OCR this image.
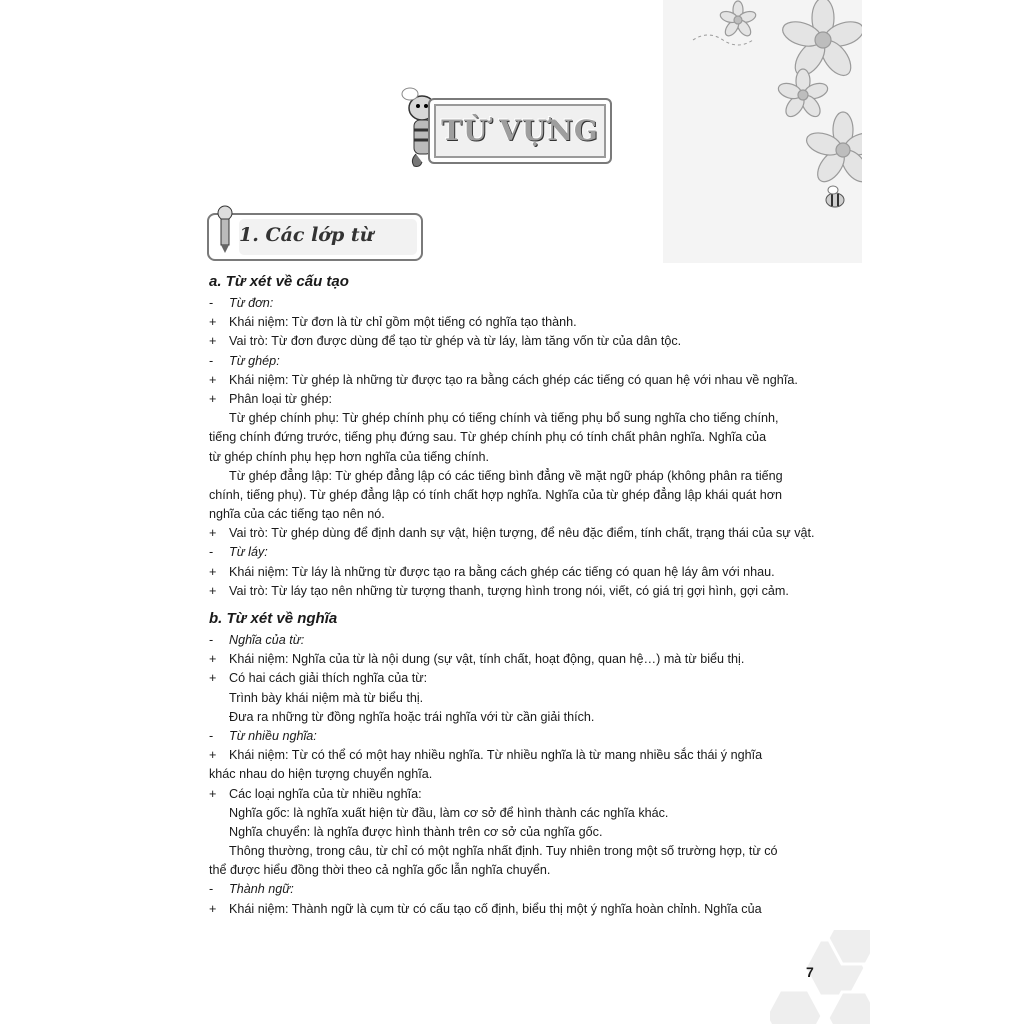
TỪ VỰNG
1. Các lớp từ
a. Từ xét về cấu tạo
-	Từ đơn:
+	Khái niệm: Từ đơn là từ chỉ gồm một tiếng có nghĩa tạo thành.
+	Vai trò: Từ đơn được dùng để tạo từ ghép và từ láy, làm tăng vốn từ của dân tộc.
-	Từ ghép:
+	Khái niệm: Từ ghép là những từ được tạo ra bằng cách ghép các tiếng có quan hệ với nhau về nghĩa.
+	Phân loại từ ghép:
Từ ghép chính phụ: Từ ghép chính phụ có tiếng chính và tiếng phụ bổ sung nghĩa cho tiếng chính,
tiếng chính đứng trước, tiếng phụ đứng sau. Từ ghép chính phụ có tính chất phân nghĩa. Nghĩa của
từ ghép chính phụ hẹp hơn nghĩa của tiếng chính.
Từ ghép đẳng lập: Từ ghép đẳng lập có các tiếng bình đẳng về mặt ngữ pháp (không phân ra tiếng
chính, tiếng phụ). Từ ghép đẳng lập có tính chất hợp nghĩa. Nghĩa của từ ghép đẳng lập khái quát hơn
nghĩa của các tiếng tạo nên nó.
+	Vai trò: Từ ghép dùng để định danh sự vật, hiện tượng, để nêu đặc điểm, tính chất, trạng thái của sự vật.
-	Từ láy:
+	Khái niệm: Từ láy là những từ được tạo ra bằng cách ghép các tiếng có quan hệ láy âm với nhau.
+	Vai trò: Từ láy tạo nên những từ tượng thanh, tượng hình trong nói, viết, có giá trị gợi hình, gợi cảm.
b. Từ xét về nghĩa
-	Nghĩa của từ:
+	Khái niệm: Nghĩa của từ là nội dung (sự vật, tính chất, hoạt động, quan hệ…) mà từ biểu thị.
+	Có hai cách giải thích nghĩa của từ:
Trình bày khái niệm mà từ biểu thị.
Đưa ra những từ đồng nghĩa hoặc trái nghĩa với từ cần giải thích.
-	Từ nhiều nghĩa:
+	Khái niệm: Từ có thể có một hay nhiều nghĩa. Từ nhiều nghĩa là từ mang nhiều sắc thái ý nghĩa
khác nhau do hiện tượng chuyển nghĩa.
+	Các loại nghĩa của từ nhiều nghĩa:
Nghĩa gốc: là nghĩa xuất hiện từ đầu, làm cơ sở để hình thành các nghĩa khác.
Nghĩa chuyển: là nghĩa được hình thành trên cơ sở của nghĩa gốc.
Thông thường, trong câu, từ chỉ có một nghĩa nhất định. Tuy nhiên trong một số trường hợp, từ có
thể được hiểu đồng thời theo cả nghĩa gốc lẫn nghĩa chuyển.
-	Thành ngữ:
+	Khái niệm: Thành ngữ là cụm từ có cấu tạo cố định, biểu thị một ý nghĩa hoàn chỉnh. Nghĩa của
7
